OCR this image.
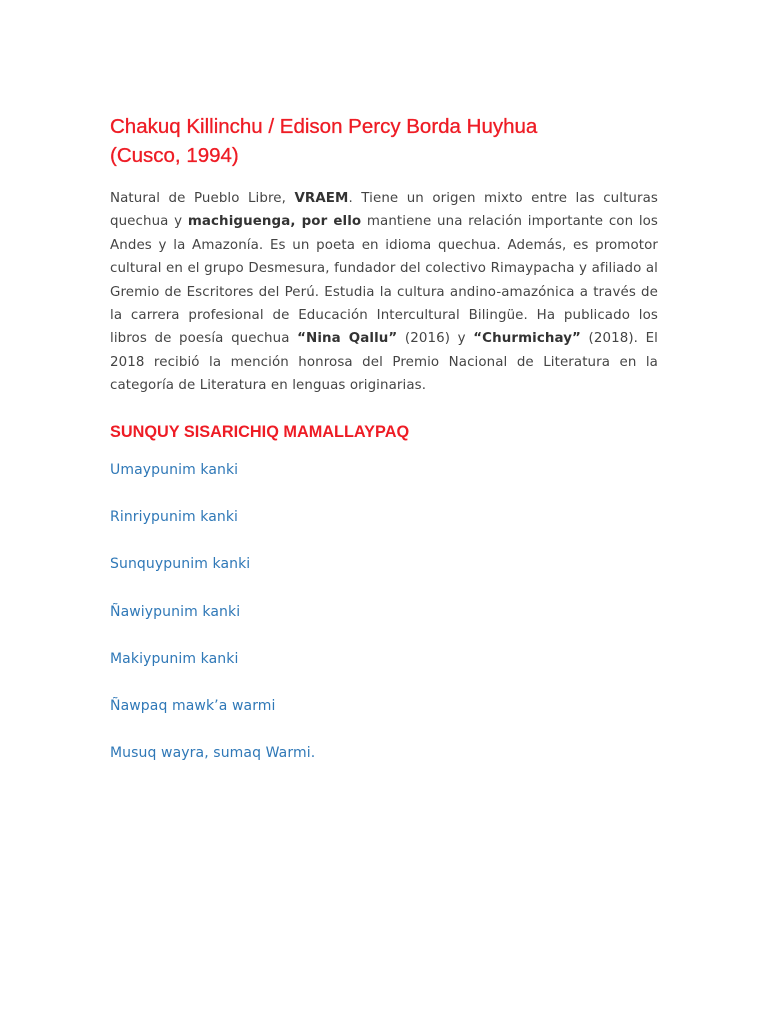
Chakuq Killinchu / Edison Percy Borda Huyhua
(Cusco, 1994)

Natural de Pueblo Libre, VRAEM. Tiene un origen mixto entre las culturas quechua y machiguenga, por ello mantiene una relación importante con los Andes y la Amazonía. Es un poeta en idioma quechua. Además, es promotor cultural en el grupo Desmesura, fundador del colectivo Rimaypacha y afiliado al Gremio de Escritores del Perú. Estudia la cultura andino-amazónica a través de la carrera profesional de Educación Intercultural Bilingüe. Ha publicado los libros de poesía quechua “Nina Qallu” (2016) y “Churmichay” (2018). El 2018 recibió la mención honrosa del Premio Nacional de Literatura en la categoría de Literatura en lenguas originarias.

SUNQUY SISARICHIQ MAMALLAYPAQ
Umaypunim kanki
Rinriypunim kanki
Sunquypunim kanki
Ñawiypunim kanki
Makiypunim kanki
Ñawpaq mawk’a warmi
Musuq wayra, sumaq Warmi.
